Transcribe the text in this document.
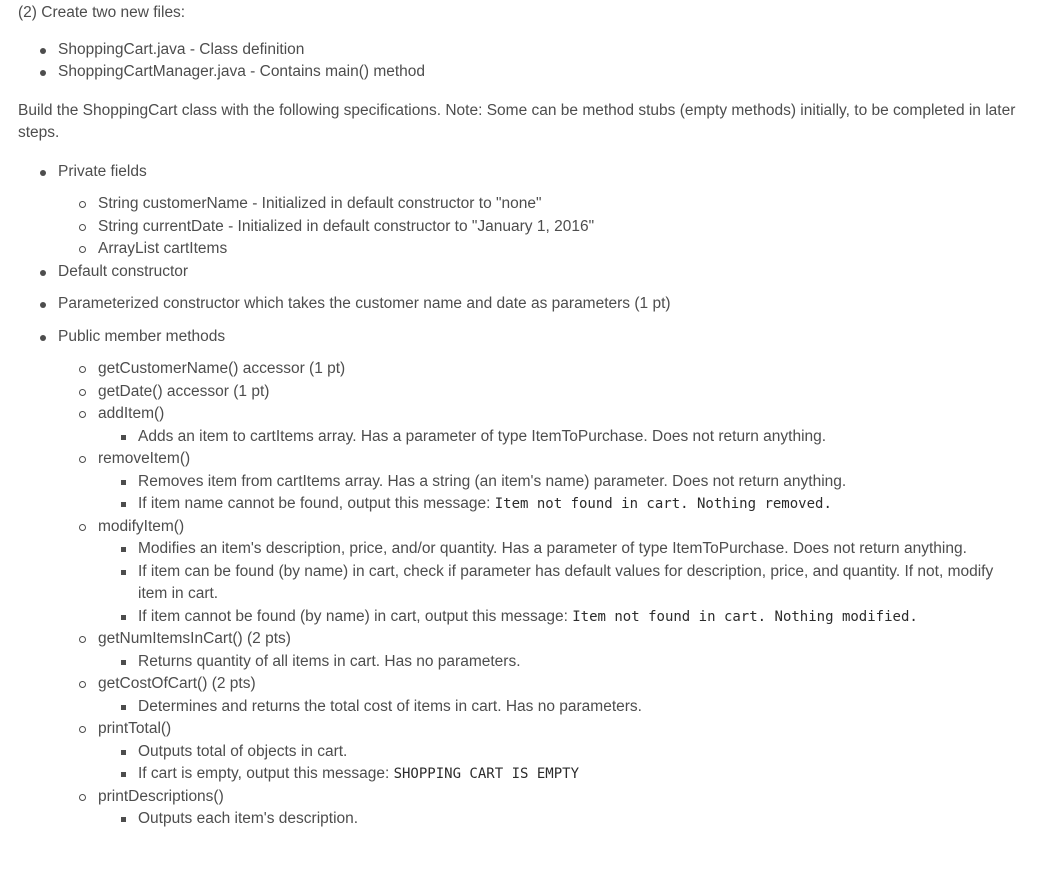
(2) Create two new files:

ShoppingCart.java - Class definition
ShoppingCartManager.java - Contains main() method

Build the ShoppingCart class with the following specifications. Note: Some can be method stubs (empty methods) initially, to be completed in later steps.

Private fields
String customerName - Initialized in default constructor to "none"
String currentDate - Initialized in default constructor to "January 1, 2016"
ArrayList cartItems
Default constructor
Parameterized constructor which takes the customer name and date as parameters (1 pt)
Public member methods
getCustomerName() accessor (1 pt)
getDate() accessor (1 pt)
addItem()
Adds an item to cartItems array. Has a parameter of type ItemToPurchase. Does not return anything.
removeItem()
Removes item from cartItems array. Has a string (an item's name) parameter. Does not return anything.
If item name cannot be found, output this message: Item not found in cart. Nothing removed.
modifyItem()
Modifies an item's description, price, and/or quantity. Has a parameter of type ItemToPurchase. Does not return anything.
If item can be found (by name) in cart, check if parameter has default values for description, price, and quantity. If not, modify item in cart.
If item cannot be found (by name) in cart, output this message: Item not found in cart. Nothing modified.
getNumItemsInCart() (2 pts)
Returns quantity of all items in cart. Has no parameters.
getCostOfCart() (2 pts)
Determines and returns the total cost of items in cart. Has no parameters.
printTotal()
Outputs total of objects in cart.
If cart is empty, output this message: SHOPPING CART IS EMPTY
printDescriptions()
Outputs each item's description.
